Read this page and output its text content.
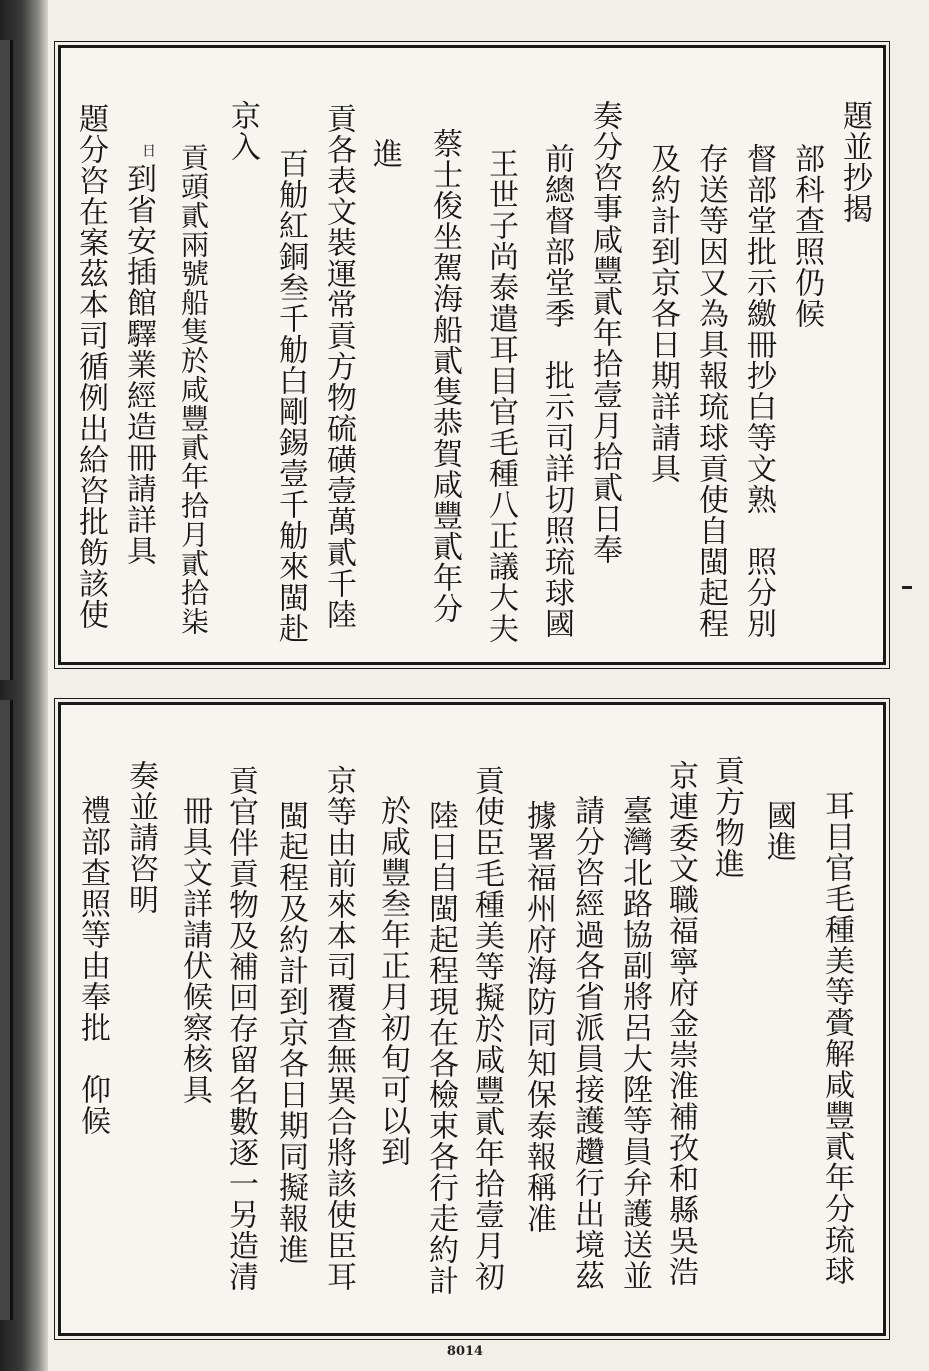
題並抄揭
部科查照仍候
督部堂批示繳冊抄白等文熟　照分別
存送等因又為具報琉球貢使自閩起程
及約計到京各日期詳請具
奏分咨事咸豐貳年拾壹月拾貳日奉
前總督部堂季　批示司詳切照琉球國
王世子尚泰遣耳目官毛種八正議大夫
蔡士俊坐駕海船貳隻恭賀咸豐貳年分
進
貢各表文裝運常貢方物硫磺壹萬貳千陸
百觔紅銅叁千觔白剛錫壹千觔來閩赴
京入
貢頭貳兩號船隻於咸豐貳年拾月貳拾柒
日
到省安插館驛業經造冊請詳具
題分咨在案茲本司循例出給咨批飭該使
耳目官毛種美等賫解咸豐貳年分琉球
國進
貢方物進
京連委文職福寧府金崇淮補孜和縣吳浩
臺灣北路協副將呂大陞等員弁護送並
請分咨經過各省派員接護趲行出境茲
據署福州府海防同知保泰報稱准
貢使臣毛種美等擬於咸豐貳年拾壹月初
陸日自閩起程現在各檢束各行走約計
於咸豐叁年正月初旬可以到
京等由前來本司覆查無異合將該使臣耳
閩起程及約計到京各日期同擬報進
貢官伴貢物及補回存留名數逐一另造清
冊具文詳請伏候察核具
奏並請咨明
禮部查照等由奉批　仰候
8014
